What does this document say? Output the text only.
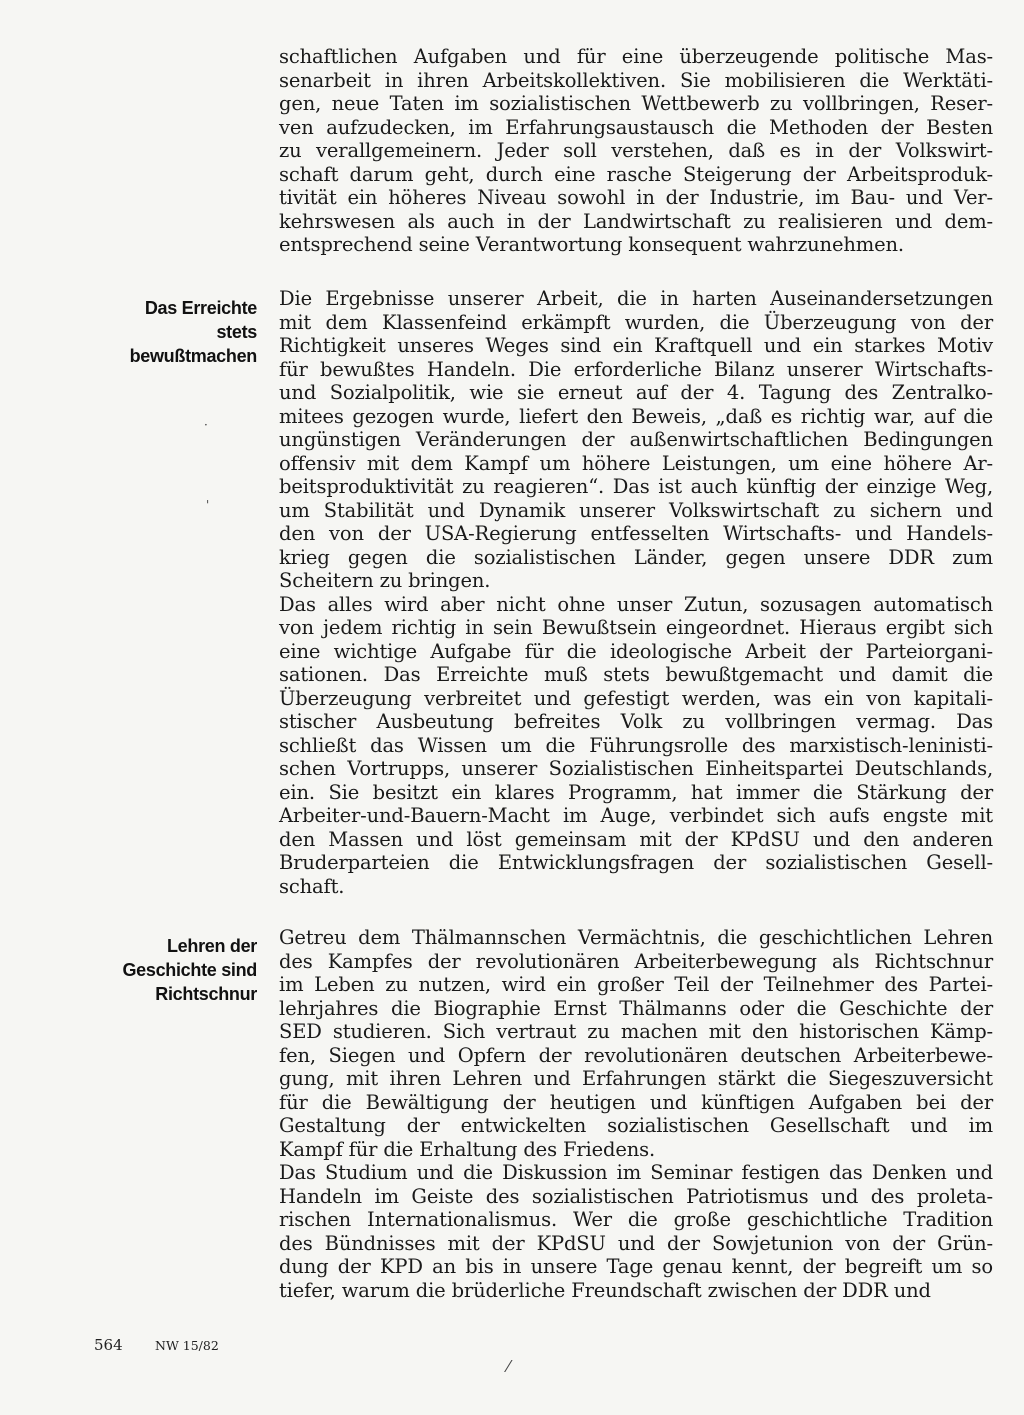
schaftlichen Aufgaben und für eine überzeugende politische Mas-
senarbeit in ihren Arbeitskollektiven. Sie mobilisieren die Werktäti-
gen, neue Taten im sozialistischen Wettbewerb zu vollbringen, Reser-
ven aufzudecken, im Erfahrungsaustausch die Methoden der Besten
zu verallgemeinern. Jeder soll verstehen, daß es in der Volkswirt-
schaft darum geht, durch eine rasche Steigerung der Arbeitsproduk-
tivität ein höheres Niveau sowohl in der Industrie, im Bau- und Ver-
kehrswesen als auch in der Landwirtschaft zu realisieren und dem-
entsprechend seine Verantwortung konsequent wahrzunehmen.
Das Erreichte
stets
bewußtmachen
Die Ergebnisse unserer Arbeit, die in harten Auseinandersetzungen
mit dem Klassenfeind erkämpft wurden, die Überzeugung von der
Richtigkeit unseres Weges sind ein Kraftquell und ein starkes Motiv
für bewußtes Handeln. Die erforderliche Bilanz unserer Wirtschafts-
und Sozialpolitik, wie sie erneut auf der 4. Tagung des Zentralko-
mitees gezogen wurde, liefert den Beweis, „daß es richtig war, auf die
ungünstigen Veränderungen der außenwirtschaftlichen Bedingungen
offensiv mit dem Kampf um höhere Leistungen, um eine höhere Ar-
beitsproduktivität zu reagieren“. Das ist auch künftig der einzige Weg,
um Stabilität und Dynamik unserer Volkswirtschaft zu sichern und
den von der USA-Regierung entfesselten Wirtschafts- und Handels-
krieg gegen die sozialistischen Länder, gegen unsere DDR zum
Scheitern zu bringen.
Das alles wird aber nicht ohne unser Zutun, sozusagen automatisch
von jedem richtig in sein Bewußtsein eingeordnet. Hieraus ergibt sich
eine wichtige Aufgabe für die ideologische Arbeit der Parteiorgani-
sationen. Das Erreichte muß stets bewußtgemacht und damit die
Überzeugung verbreitet und gefestigt werden, was ein von kapitali-
stischer Ausbeutung befreites Volk zu vollbringen vermag. Das
schließt das Wissen um die Führungsrolle des marxistisch-leninisti-
schen Vortrupps, unserer Sozialistischen Einheitspartei Deutschlands,
ein. Sie besitzt ein klares Programm, hat immer die Stärkung der
Arbeiter-und-Bauern-Macht im Auge, verbindet sich aufs engste mit
den Massen und löst gemeinsam mit der KPdSU und den anderen
Bruderparteien die Entwicklungsfragen der sozialistischen Gesell-
schaft.
Lehren der
Geschichte sind
Richtschnur
Getreu dem Thälmannschen Vermächtnis, die geschichtlichen Lehren
des Kampfes der revolutionären Arbeiterbewegung als Richtschnur
im Leben zu nutzen, wird ein großer Teil der Teilnehmer des Partei-
lehrjahres die Biographie Ernst Thälmanns oder die Geschichte der
SED studieren. Sich vertraut zu machen mit den historischen Kämp-
fen, Siegen und Opfern der revolutionären deutschen Arbeiterbewe-
gung, mit ihren Lehren und Erfahrungen stärkt die Siegeszuversicht
für die Bewältigung der heutigen und künftigen Aufgaben bei der
Gestaltung der entwickelten sozialistischen Gesellschaft und im
Kampf für die Erhaltung des Friedens.
Das Studium und die Diskussion im Seminar festigen das Denken und
Handeln im Geiste des sozialistischen Patriotismus und des proleta-
rischen Internationalismus. Wer die große geschichtliche Tradition
des Bündnisses mit der KPdSU und der Sowjetunion von der Grün-
dung der KPD an bis in unsere Tage genau kennt, der begreift um so
tiefer, warum die brüderliche Freundschaft zwischen der DDR und
564	NW 15/82
·
'
⁄
